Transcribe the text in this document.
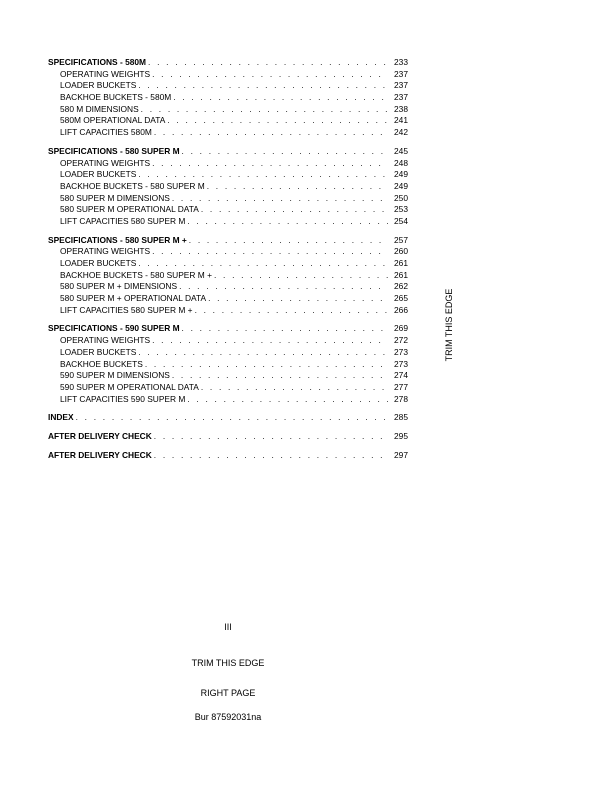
SPECIFICATIONS - 580M . . .	233
OPERATING WEIGHTS . . .	237
LOADER BUCKETS . . .	237
BACKHOE BUCKETS - 580M . . .	237
580 M DIMENSIONS . . .	238
580M OPERATIONAL DATA . . .	241
LIFT CAPACITIES 580M . . .	242
SPECIFICATIONS - 580 SUPER M . . .	245
OPERATING WEIGHTS . . .	248
LOADER BUCKETS . . .	249
BACKHOE BUCKETS - 580 SUPER M . . .	249
580 SUPER M DIMENSIONS . . .	250
580 SUPER M OPERATIONAL DATA . . .	253
LIFT CAPACITIES 580 SUPER M . . .	254
SPECIFICATIONS - 580 SUPER M + . . .	257
OPERATING WEIGHTS . . .	260
LOADER BUCKETS . . .	261
BACKHOE BUCKETS - 580 SUPER M + . . .	261
580 SUPER M + DIMENSIONS . . .	262
580 SUPER M + OPERATIONAL DATA . . .	265
LIFT CAPACITIES 580 SUPER M + . . .	266
SPECIFICATIONS - 590 SUPER M . . .	269
OPERATING WEIGHTS . . .	272
LOADER BUCKETS . . .	273
BACKHOE BUCKETS . . .	273
590 SUPER M DIMENSIONS . . .	274
590 SUPER M OPERATIONAL DATA . . .	277
LIFT CAPACITIES 590 SUPER M . . .	278
INDEX . . .	285
AFTER DELIVERY CHECK . . .	295
AFTER DELIVERY CHECK . . .	297
TRIM THIS EDGE
III
TRIM THIS EDGE
RIGHT PAGE
Bur 87592031na
